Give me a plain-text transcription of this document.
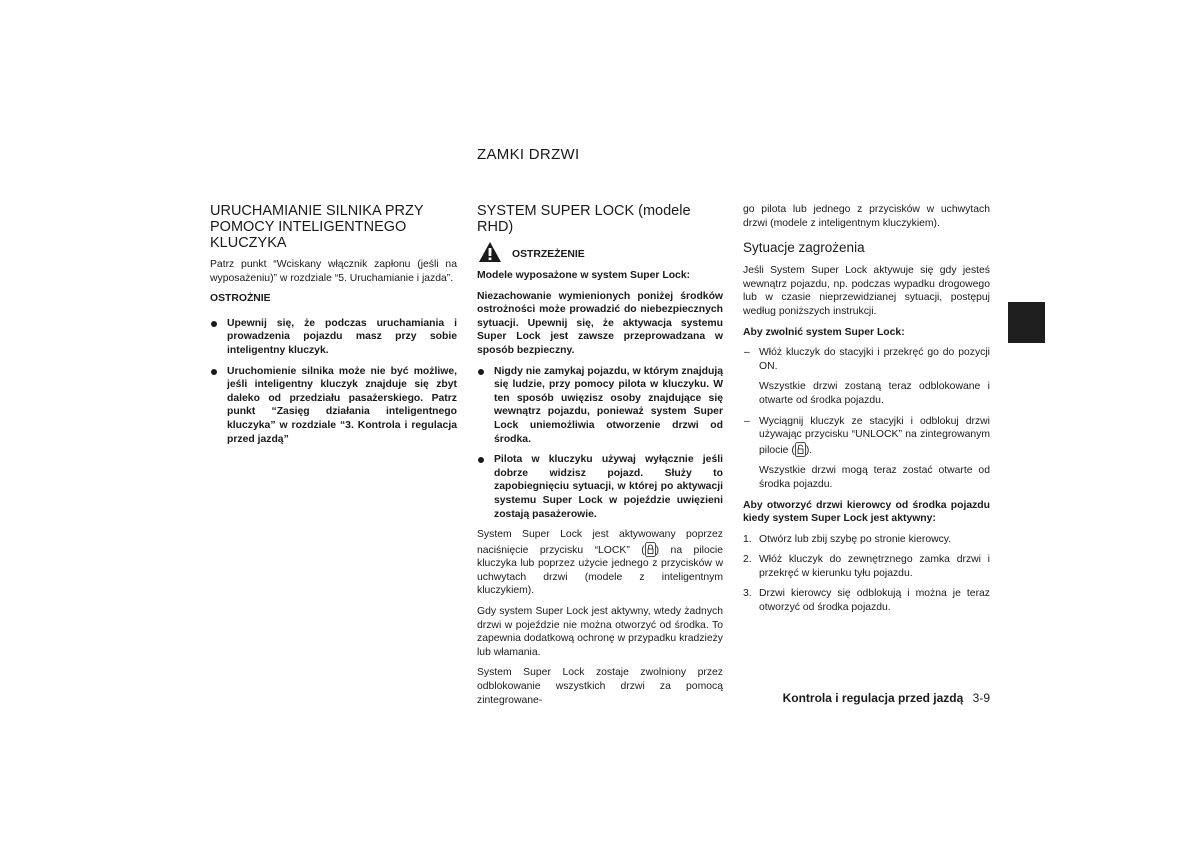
ZAMKI DRZWI
URUCHAMIANIE SILNIKA PRZY POMOCY INTELIGENTNEGO KLUCZYKA

Patrz punkt “Wciskany włącznik zapłonu (jeśli na wyposażeniu)” w rozdziale “5. Uruchamianie i jazda”.

OSTROŻNIE

Upewnij się, że podczas uruchamiania i prowadzenia pojazdu masz przy sobie inteligentny kluczyk.
Uruchomienie silnika może nie być możliwe, jeśli inteligentny kluczyk znajduje się zbyt daleko od przedziału pasażerskiego. Patrz punkt “Zasięg działania inteligentnego kluczyka” w rozdziale “3. Kontrola i regulacja przed jazdą”
SYSTEM SUPER LOCK (modele RHD)
OSTRZEŻENIE

Modele wyposażone w system Super Lock:

Niezachowanie wymienionych poniżej środków ostrożności może prowadzić do niebezpiecznych sytuacji. Upewnij się, że aktywacja systemu Super Lock jest zawsze przeprowadzana w sposób bezpieczny.

Nigdy nie zamykaj pojazdu, w którym znajdują się ludzie, przy pomocy pilota w kluczyku. W ten sposób uwięzisz osoby znajdujące się wewnątrz pojazdu, ponieważ system Super Lock uniemożliwia otworzenie drzwi od środka.
Pilota w kluczyku używaj wyłącznie jeśli dobrze widzisz pojazd. Służy to zapobiegnięciu sytuacji, w której po aktywacji systemu Super Lock w pojeździe uwięzieni zostają pasażerowie.

System Super Lock jest aktywowany poprzez naciśnięcie przycisku “LOCK” ( ) na pilocie kluczyka lub poprzez użycie jednego z przycisków w uchwytach drzwi (modele z inteligentnym kluczykiem).

Gdy system Super Lock jest aktywny, wtedy żadnych drzwi w pojeździe nie można otworzyć od środka. To zapewnia dodatkową ochronę w przypadku kradzieży lub włamania.

System Super Lock zostaje zwolniony przez odblokowanie wszystkich drzwi za pomocą zintegrowane-

go pilota lub jednego z przycisków w uchwytach drzwi (modele z inteligentnym kluczykiem).

Sytuacje zagrożenia

Jeśli System Super Lock aktywuje się gdy jesteś wewnątrz pojazdu, np. podczas wypadku drogowego lub w czasie nieprzewidzianej sytuacji, postępuj według poniższych instrukcji.

Aby zwolnić system Super Lock:

– Włóż kluczyk do stacyjki i przekręć go do pozycji ON.

Wszystkie drzwi zostaną teraz odblokowane i otwarte od środka pojazdu.

– Wyciągnij kluczyk ze stacyjki i odblokuj drzwi używając przycisku “UNLOCK” na zintegrowanym pilocie ( ).

Wszystkie drzwi mogą teraz zostać otwarte od środka pojazdu.

Aby otworzyć drzwi kierowcy od środka pojazdu kiedy system Super Lock jest aktywny:

1. Otwórz lub zbij szybę po stronie kierowcy.
2. Włóż kluczyk do zewnętrznego zamka drzwi i przekręć w kierunku tyłu pojazdu.
3. Drzwi kierowcy się odblokują i można je teraz otworzyć od środka pojazdu.
Kontrola i regulacja przed jazdą 3-9
